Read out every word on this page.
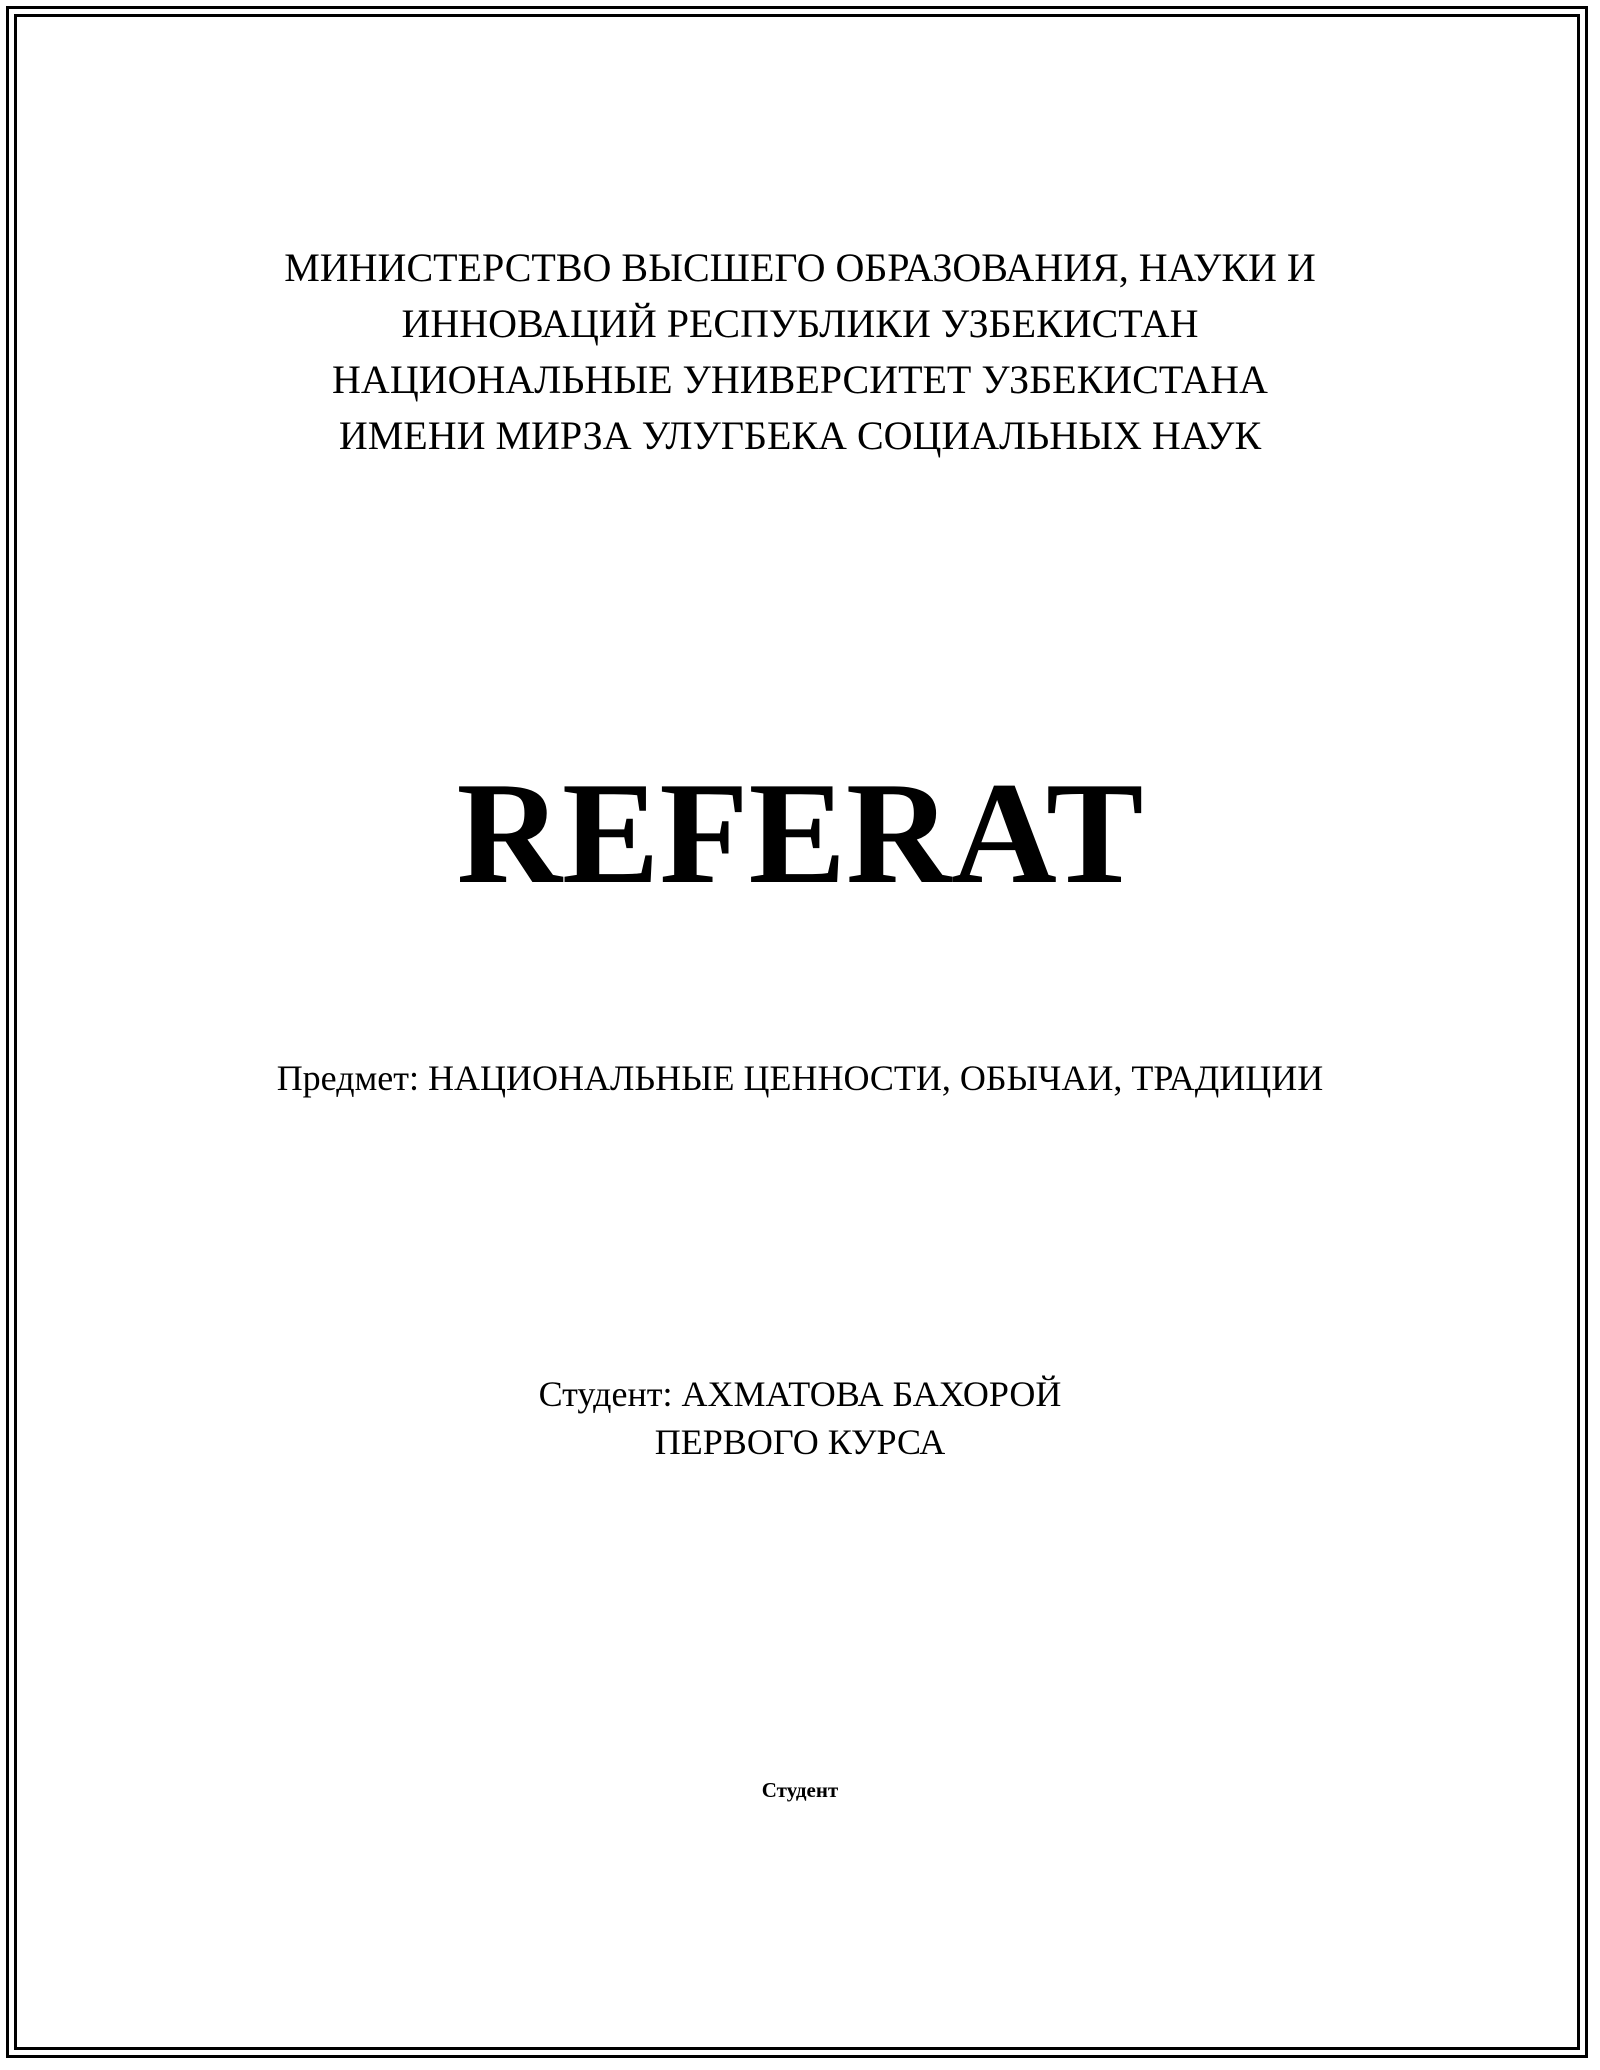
МИНИСТЕРСТВО ВЫСШЕГО ОБРАЗОВАНИЯ, НАУКИ И
ИННОВАЦИЙ РЕСПУБЛИКИ УЗБЕКИСТАН
НАЦИОНАЛЬНЫЕ УНИВЕРСИТЕТ УЗБЕКИСТАНА
ИМЕНИ МИРЗА УЛУГБЕКА СОЦИАЛЬНЫХ НАУК
REFERAT
Предмет: НАЦИОНАЛЬНЫЕ ЦЕННОСТИ, ОБЫЧАИ, ТРАДИЦИИ
Студент: АХМАТОВА БАХОРОЙ
ПЕРВОГО КУРСА
Студент
